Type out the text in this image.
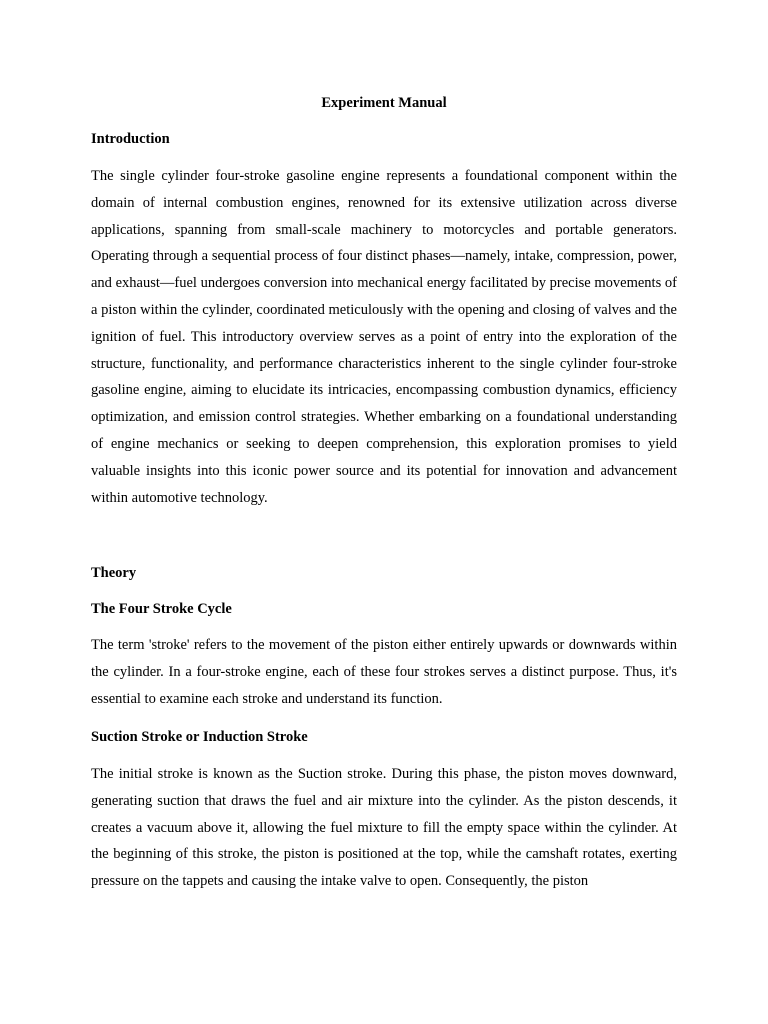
Experiment Manual
Introduction

The single cylinder four-stroke gasoline engine represents a foundational component within the domain of internal combustion engines, renowned for its extensive utilization across diverse applications, spanning from small-scale machinery to motorcycles and portable generators. Operating through a sequential process of four distinct phases—namely, intake, compression, power, and exhaust—fuel undergoes conversion into mechanical energy facilitated by precise movements of a piston within the cylinder, coordinated meticulously with the opening and closing of valves and the ignition of fuel. This introductory overview serves as a point of entry into the exploration of the structure, functionality, and performance characteristics inherent to the single cylinder four-stroke gasoline engine, aiming to elucidate its intricacies, encompassing combustion dynamics, efficiency optimization, and emission control strategies. Whether embarking on a foundational understanding of engine mechanics or seeking to deepen comprehension, this exploration promises to yield valuable insights into this iconic power source and its potential for innovation and advancement within automotive technology.

Theory
The Four Stroke Cycle

The term 'stroke' refers to the movement of the piston either entirely upwards or downwards within the cylinder. In a four-stroke engine, each of these four strokes serves a distinct purpose. Thus, it's essential to examine each stroke and understand its function.

Suction Stroke or Induction Stroke

The initial stroke is known as the Suction stroke. During this phase, the piston moves downward, generating suction that draws the fuel and air mixture into the cylinder. As the piston descends, it creates a vacuum above it, allowing the fuel mixture to fill the empty space within the cylinder. At the beginning of this stroke, the piston is positioned at the top, while the camshaft rotates, exerting pressure on the tappets and causing the intake valve to open. Consequently, the piston
